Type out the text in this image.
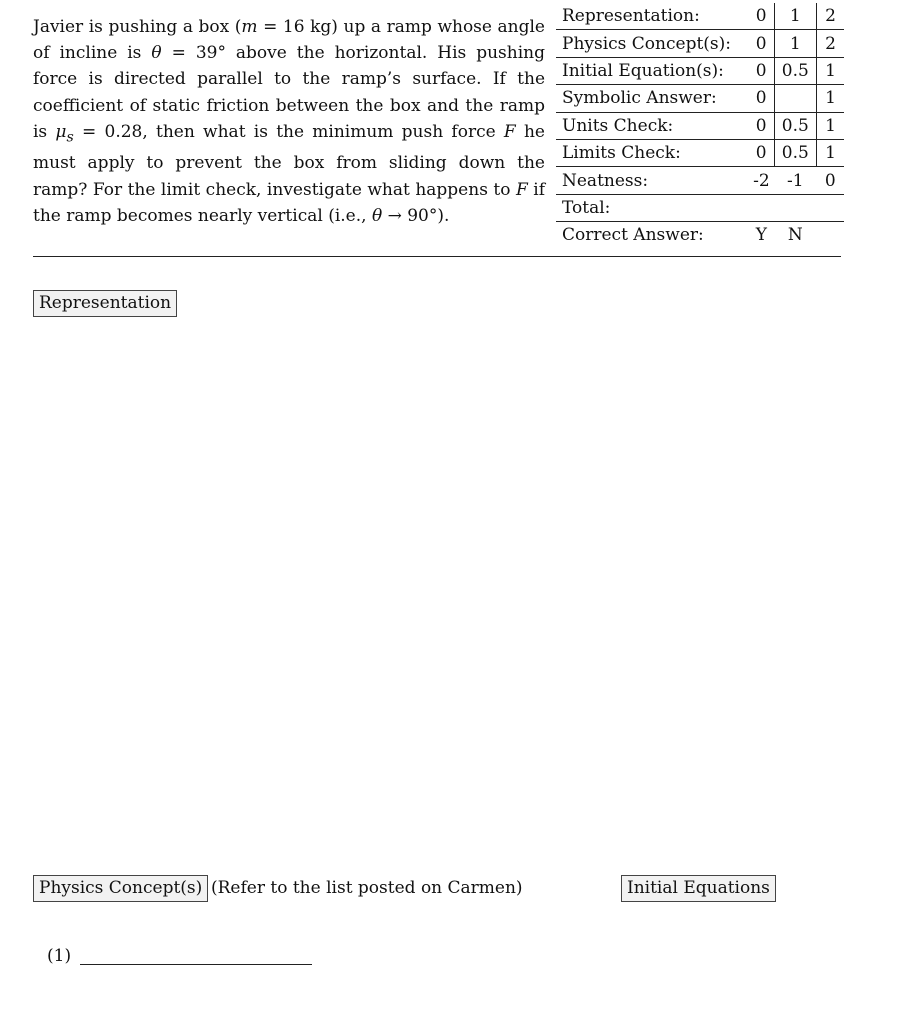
Javier is pushing a box (m = 16 kg) up a ramp whose angle of incline is θ = 39° above the horizontal. His pushing force is directed parallel to the ramp’s surface. If the coefficient of static friction between the box and the ramp is $\mu_s = 0.28$, then what is the minimum push force F he must apply to prevent the box from sliding down the ramp? For the limit check, investigate what happens to F if the ramp becomes nearly vertical (i.e., θ → 90°).
Representation:	0	1	2
Physics Concept(s):	0	1	2
Initial Equation(s):	0	0.5	1
Symbolic Answer:	0		1
Units Check:	0	0.5	1
Limits Check:	0	0.5	1
Neatness:	-2	-1	0
Total:			
Correct Answer:	Y	N	
Representation
Physics Concept(s) (Refer to the list posted on Carmen)	Initial Equations
(1)
